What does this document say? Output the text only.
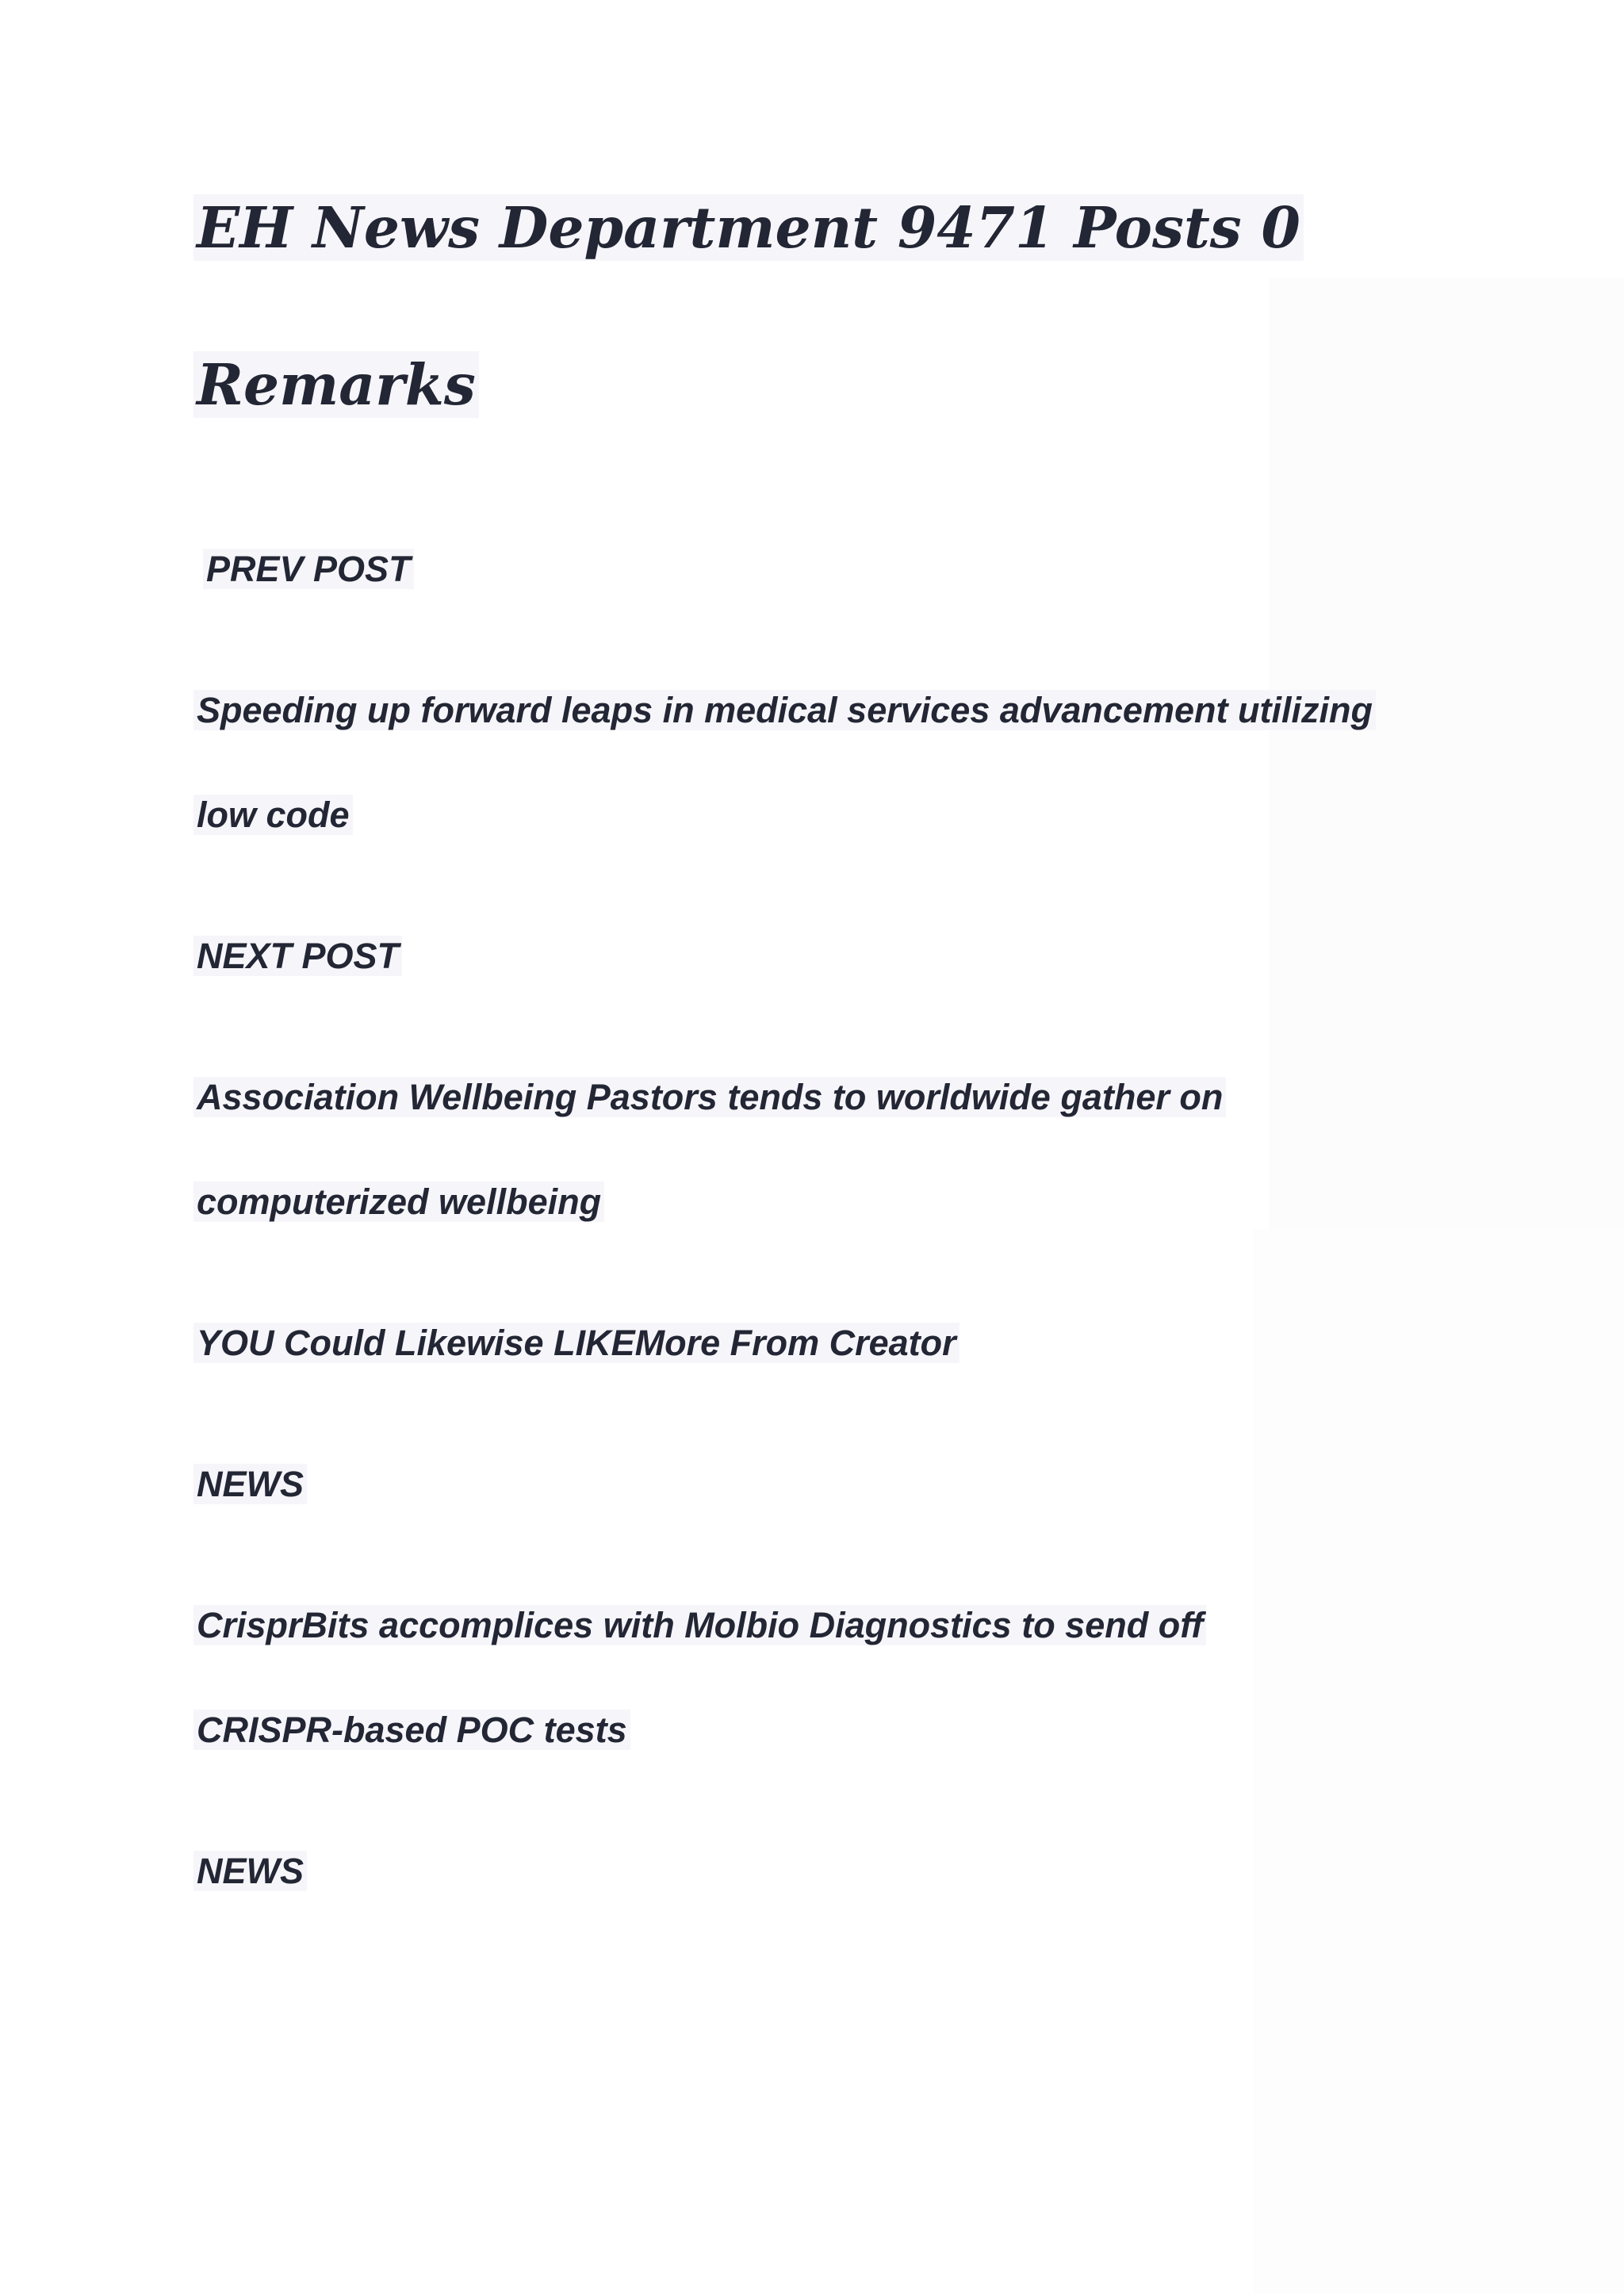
EH News Department 9471 Posts 0
Remarks
PREV POST
Speeding up forward leaps in medical services advancement utilizing
low code
NEXT POST
Association Wellbeing Pastors tends to worldwide gather on
computerized wellbeing
YOU Could Likewise LIKEMore From Creator
NEWS
CrisprBits accomplices with Molbio Diagnostics to send off
CRISPR-based POC tests
NEWS
